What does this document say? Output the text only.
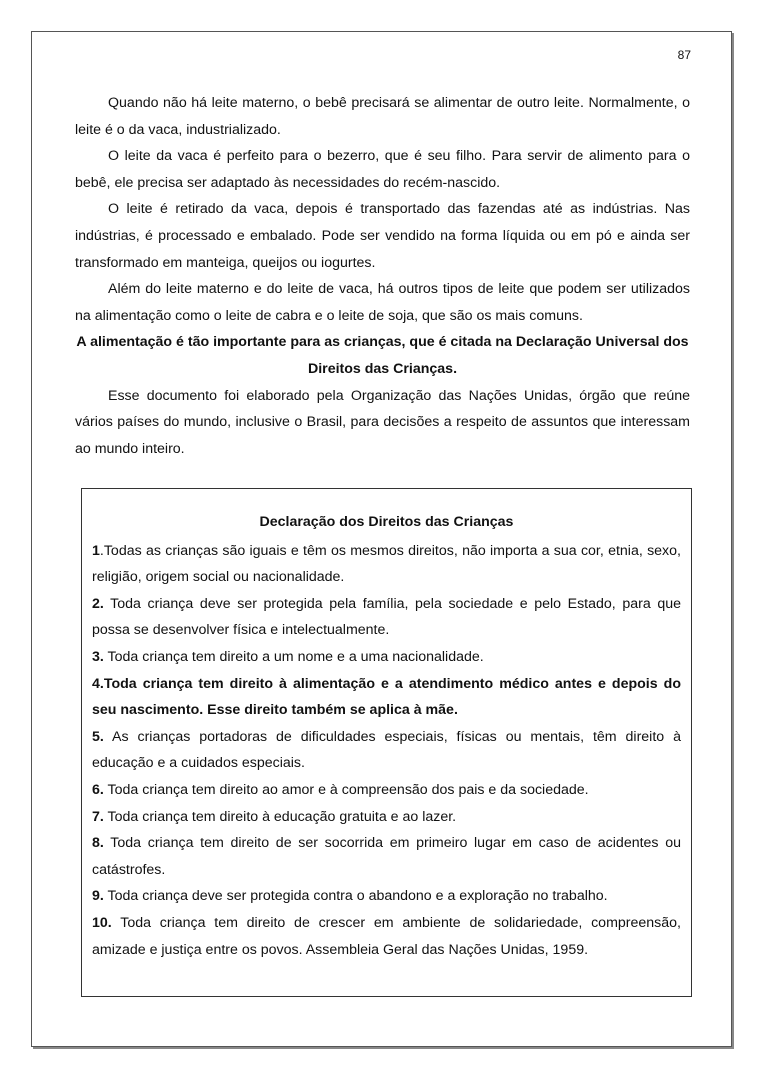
87

Quando não há leite materno, o bebê precisará se alimentar de outro leite. Normalmente, o leite é o da vaca, industrializado.

O leite da vaca é perfeito para o bezerro, que é seu filho. Para servir de alimento para o bebê, ele precisa ser adaptado às necessidades do recém-nascido.

O leite é retirado da vaca, depois é transportado das fazendas até as indústrias. Nas indústrias, é processado e embalado. Pode ser vendido na forma líquida ou em pó e ainda ser transformado em manteiga, queijos ou iogurtes.

Além do leite materno e do leite de vaca, há outros tipos de leite que podem ser utilizados na alimentação como o leite de cabra e o leite de soja, que são os mais comuns.

A alimentação é tão importante para as crianças, que é citada na Declaração Universal dos Direitos das Crianças.

Esse documento foi elaborado pela Organização das Nações Unidas, órgão que reúne vários países do mundo, inclusive o Brasil, para decisões a respeito de assuntos que interessam ao mundo inteiro.

Declaração dos Direitos das Crianças
1.Todas as crianças são iguais e têm os mesmos direitos, não importa a sua cor, etnia, sexo, religião, origem social ou nacionalidade.
2. Toda criança deve ser protegida pela família, pela sociedade e pelo Estado, para que possa se desenvolver física e intelectualmente.
3. Toda criança tem direito a um nome e a uma nacionalidade.
4.Toda criança tem direito à alimentação e a atendimento médico antes e depois do seu nascimento. Esse direito também se aplica à mãe.
5. As crianças portadoras de dificuldades especiais, físicas ou mentais, têm direito à educação e a cuidados especiais.
6. Toda criança tem direito ao amor e à compreensão dos pais e da sociedade.
7. Toda criança tem direito à educação gratuita e ao lazer.
8. Toda criança tem direito de ser socorrida em primeiro lugar em caso de acidentes ou catástrofes.
9. Toda criança deve ser protegida contra o abandono e a exploração no trabalho.
10. Toda criança tem direito de crescer em ambiente de solidariedade, compreensão, amizade e justiça entre os povos. Assembleia Geral das Nações Unidas, 1959.
